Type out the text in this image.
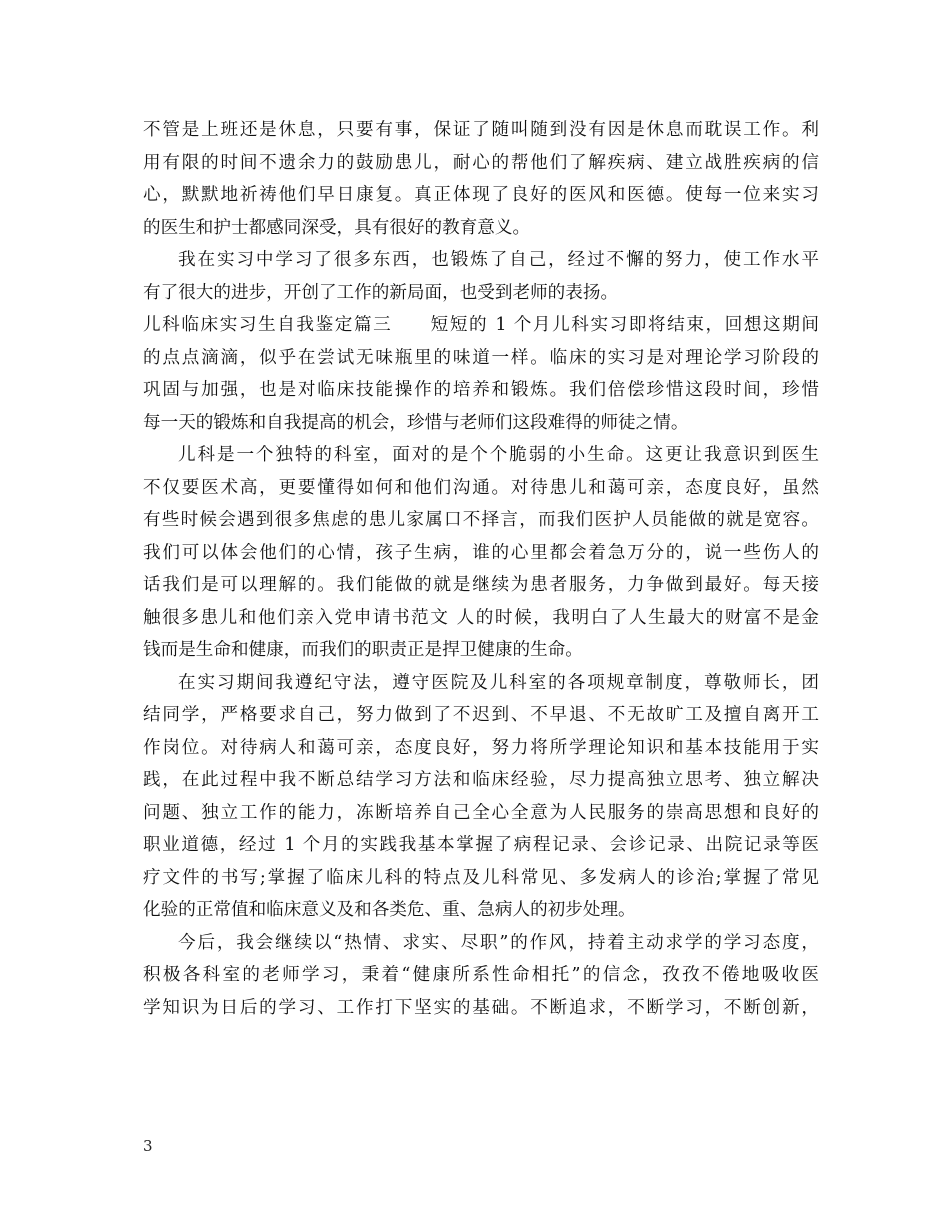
不管是上班还是休息，只要有事，保证了随叫随到没有因是休息而耽误工作。利
用有限的时间不遗余力的鼓励患儿，耐心的帮他们了解疾病、建立战胜疾病的信
心，默默地祈祷他们早日康复。真正体现了良好的医风和医德。使每一位来实习
的医生和护士都感同深受，具有很好的教育意义。
我在实习中学习了很多东西，也锻炼了自己，经过不懈的努力，使工作水平
有了很大的进步，开创了工作的新局面，也受到老师的表扬。
儿科临床实习生自我鉴定篇三　　短短的 1 个月儿科实习即将结束，回想这期间
的点点滴滴，似乎在尝试无味瓶里的味道一样。临床的实习是对理论学习阶段的
巩固与加强，也是对临床技能操作的培养和锻炼。我们倍偿珍惜这段时间，珍惜
每一天的锻炼和自我提高的机会，珍惜与老师们这段难得的师徒之情。
儿科是一个独特的科室，面对的是个个脆弱的小生命。这更让我意识到医生
不仅要医术高，更要懂得如何和他们沟通。对待患儿和蔼可亲，态度良好，虽然
有些时候会遇到很多焦虑的患儿家属口不择言，而我们医护人员能做的就是宽容。
我们可以体会他们的心情，孩子生病，谁的心里都会着急万分的，说一些伤人的
话我们是可以理解的。我们能做的就是继续为患者服务，力争做到最好。每天接
触很多患儿和他们亲入党申请书范文 人的时候，我明白了人生最大的财富不是金
钱而是生命和健康，而我们的职责正是捍卫健康的生命。
在实习期间我遵纪守法，遵守医院及儿科室的各项规章制度，尊敬师长，团
结同学，严格要求自己，努力做到了不迟到、不早退、不无故旷工及擅自离开工
作岗位。对待病人和蔼可亲，态度良好，努力将所学理论知识和基本技能用于实
践，在此过程中我不断总结学习方法和临床经验，尽力提高独立思考、独立解决
问题、独立工作的能力，冻断培养自己全心全意为人民服务的崇高思想和良好的
职业道德，经过 1 个月的实践我基本掌握了病程记录、会诊记录、出院记录等医
疗文件的书写;掌握了临床儿科的特点及儿科常见、多发病人的诊治;掌握了常见
化验的正常值和临床意义及和各类危、重、急病人的初步处理。
今后，我会继续以“热情、求实、尽职”的作风，持着主动求学的学习态度，
积极各科室的老师学习，秉着“健康所系性命相托”的信念，孜孜不倦地吸收医
学知识为日后的学习、工作打下坚实的基础。不断追求，不断学习，不断创新，
3
